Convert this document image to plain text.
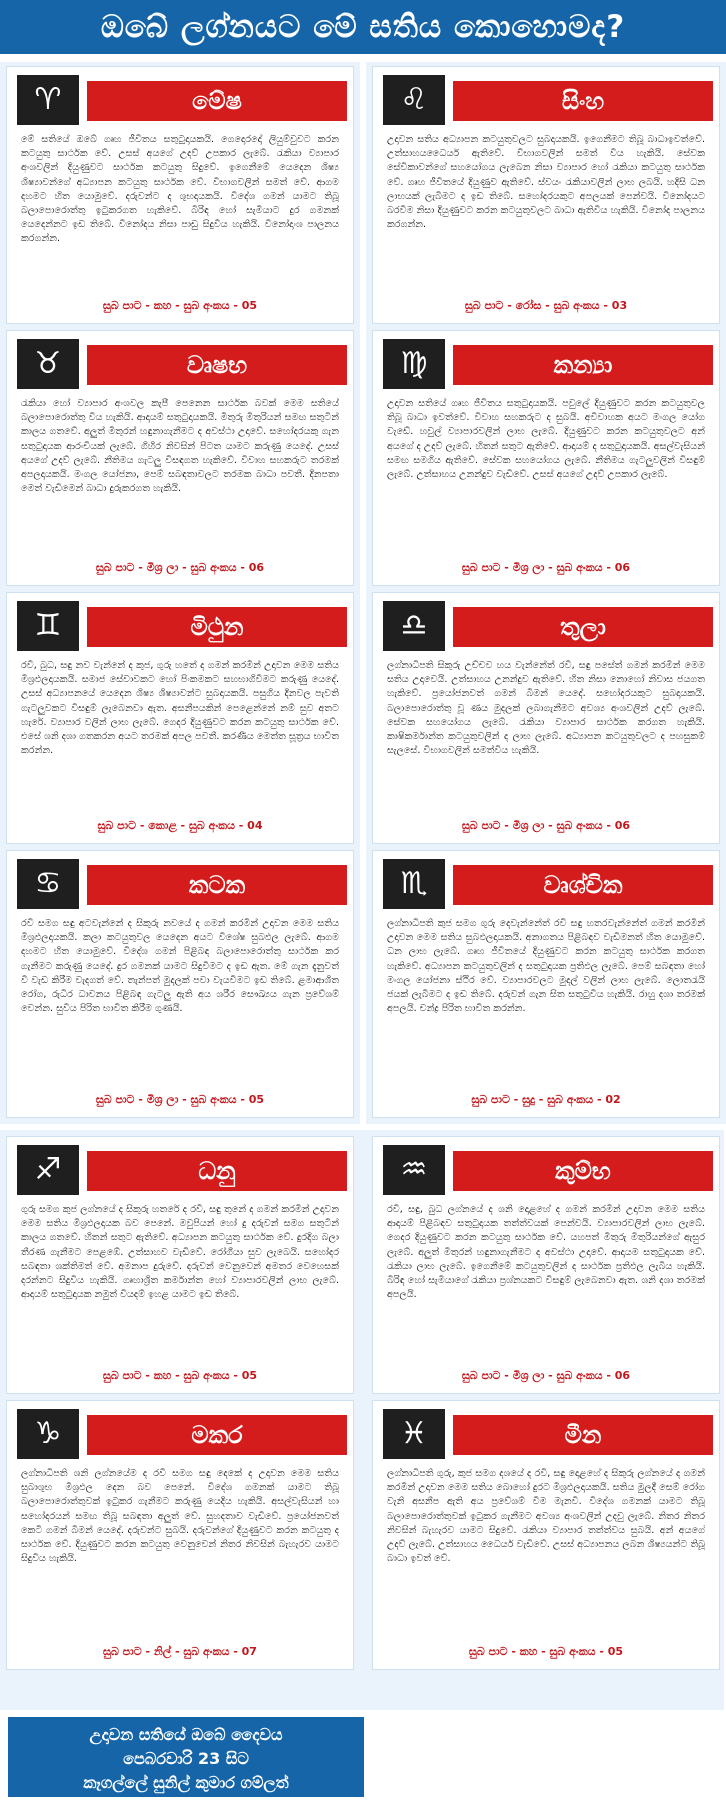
ඔබේ ලග්නයට මේ සතිය කොහොමද?
♈	මේෂ
මේ සතියේ ඔබේ ගෘහ ජීවිතය සතුටුදායකයි. ගෙදොරදෝ ලියුම්වුවට කරන කටයුතු සාර්ථක වේ. උසස් අයගේ උදව් උපකාර ලැබේ. රැකියා ව්‍යාපාර අංශවලින් දියුණුවට සාර්ථක කටයුතු සිදුවේ. ඉගෙනීමේ යෙදෙන ශිෂ්‍ය ශිෂ්‍යාවන්ගේ අධ්‍යාපන කටයුතු සාර්ථක වේ. විභාගවලින් සමත් වේ. ආගම දහමට හිත යොමුවේ. දරුවන්ට ද ශුභදායකයි. විදේශ ගමන් යාමට තිබූ බලාපොරොත්තු ඉටුකරගත හැකිවේ. බිරිඳ හෝ සැමියාට දුර ගමනක් යෙදෙන්නට ඉඩ තිබේ. විනෝදය නිසා පාඩු සිදුවිය හැකියි. විනෝදාංශ පාලනය කරගන්න.
සුබ පාට - කහ - සුබ අංකය - 05
♌	සිංහ
උදාවන සතිය අධ්‍යාපන කටයුතුවලට සුබදායකයි. ඉගෙනීමට තිබූ බාධාඉවත්වේ. උත්සාහයධෛර්ය ඇතිවේ. විභාගවලින් සමත් විය හැකියි. සේවක සේවිකාවන්ගේ සහයෝගය ලැබෙන නිසා ව්‍යාපාර හෝ රැකියා කටයුතු සාර්ථක වේ. ගෘහ ජීවිතයේ දියුණුව ඇතිවේ. ස්වයං රැකියාවලින් ලාභ ලබයි. හදිසි ධන ලාභයක් ලැබීමට ද ඉඩ තිබේ. සහෝදරයකුට අපලයක් පෙන්වයි. විනෝදයට බරවීම නිසා දියුණුවට කරන කටයුතුවලට බාධා ඇතිවිය හැකියි. විනෝද පාලනය කරගන්න.
සුබ පාට - රෝස - සුබ අංකය - 03
♉	වෘෂභ
රැකියා හෝ ව්‍යාපාර අංශවල කැපී පෙනෙන සාර්ථක බවක් මෙම සතියේ බලාපොරොත්තු විය හැකියි. ආදායම් සතුටුදායකයි. මිතුරු මිතුරියන් සමඟ සතුටින් කාලය ගතවේ. අලුත් මිතුරන් හඳුනාගැනීමට ද අවස්ථා උදාවේ. සහෝදරයකු ගැන සතුටුදායක ආරංචියක් ලැබේ. ගිහිර නිවසින් පිටත යාමට කරුණු යෙදේ. උසස් අයගේ උදව් ලැබේ. නීතිමය ගැටලු විසඳගත හැකිවේ. විවාහ සහකරුට තරමක් අපලදායකයි. මංගල යෝජනා, පෙම් සබඳතාවලට තරමක බාධා පවතී. දිනපතා මෙත් වැඩීමෙන් බාධා දුරුකරගත හැකියි.
සුබ පාට - මිශ්‍ර ලා - සුබ අංකය - 06
♍	කන්‍යා
උදාවන සතියේ ගෘහ ජීවිතය සතුටුදායකයි. පවුලේ දියුණුවට කරන කටයුතුවල තිබූ බාධා ඉවත්වේ. විවාහ සහකරුට ද සුබයි. අවිවාහක අයට මංගල යෝග වැඩේ. හවුල් ව්‍යාපාරවලින් ලාභ ලැබේ. දියුණුවට කරන කටයුතුවලට අන් අයගේ ද උදව් ලැබේ. හිතන් සතුට ඇතිවේ. ආදායම් ද සතුටුදායකයි. අසල්වැසියන් සමඟ සමගිය ඇතිවේ. සේවක සහයෝගය ලැබේ. නීතිමය ගැටලුවලින් විසඳුම් ලැබේ. උත්සාහය උනන්දුව වැඩිවේ. උසස් අයගේ උදව් උපකාර ලැබේ.
සුබ පාට - මිශ්‍ර ලා - සුබ අංකය - 06
♊	මිථුන
රවි, බුධ, සඳු නව වැන්නේ ද කුජ, ගුරු හතේ ද ගමන් කරමින් උදාවන මෙම සතිය මිශ්‍රඵලදායකයි. සමාජ සේවාවකට හෝ පිංකමකට සහභාගිවීමට කරුණු යෙදේ. උසස් අධ්‍යාපනයේ යෙදෙන ශිෂ්‍ය ශිෂ්‍යාවන්ට සුබදායකයි. පසුගිය දිනවල පැවති ගැටලුවකට විසඳුම් ලැබෙනවා ඇත. අසනීපයකින් පෙළෙන්නේ නම් සුව අතට හැරේ. ව්‍යාපාර වලින් ලාභ ලැබේ. ගෙදර දියුණුවට කරන කටයුතු සාර්ථක වේ. එසේ ශනි දශා ගතකරන අයට තරමක් අපල පවතී. කරණීය මෙත්ත සූත්‍රය භාවිත කරන්න.
සුබ පාට - කොළ - සුබ අංකය - 04
♎	තුලා
ලග්නාධිපති සිකුරු උච්චව හය වැන්නේත් රවි, සඳු පසේත් ගමන් කරමින් මෙම සතිය උදාවෙයි. උත්සාහය උනන්දුව ඇතිවේ. හිත නිසා නොහෝ නිවාස ජයගත හැකිවේ. ප්‍රයෝජනවත් ගමන් බිමන් යෙදේ. සහෝදරයකුට සුබදායකයි. බලාපොරොත්තු වූ ණය මුදලක් ලබාගැනීමට අවශ්‍ය අංශවලින් උදව් ලැබේ. සේවක සහයෝගය ලැබේ. රැකියා ව්‍යාපාර සාර්ථක කරගත හැකියි. කාෂිකර්මාන්ත කටයුතුවලින් ද ලාභ ලැබේ. අධ්‍යාපන කටයුතුවලට ද පහසුකම් සැලසේ. විභාගවලින් සමත්විය හැකියි.
සුබ පාට - මිශ්‍ර ලා - සුබ අංකය - 06
♋	කටක
රවි සමග සඳු අටවැන්නේ ද සිකුරු නවයේ ද ගමන් කරමින් උදාවන මෙම සතිය මිශ්‍රඵලදායකයි. කලා කටයුතුවල යෙදෙන අයට විශේෂ සුබඵල ලැබේ. ආගම දහමට හිත යොමුවේ. විදේශ ගමන් පිළිබඳ බලාපොරොත්තු සාර්ථක කර ගැනීමට කරුණු යෙදේ. දුර ගමනක් යාමට සිදුවීමට ද ඉඩ ඇත. මේ ගැන දැනුවත් වී වැඩ කිරීම වැදගත් වේ. තැන්පත් මුදලක් පවා වැයවීමට ඉඩ තිබේ. ළමාආශිත රෝග, රුධිර ධාවනය පිළිබඳ ගැටලු ඇති අය ශරීර සෞඛ්‍යය ගැන ප්‍රවේශම් වෙන්න. සුවිය පිරිත භාවිත කිරීම ගුණයි.
සුබ පාට - මිශ්‍ර ලා - සුබ අංකය - 05
♏	වෘශ්චික
ලග්නාධිපති කුජ සමග ගුරු දෙවැන්නේත් රවි සඳු හතරවැන්නේත් ගමන් කරමින් උදාවන මෙම සතිය සුබඵලදායකයි. අනාගතය පිළිබඳව වැඩිමනත් හිත යොමුවේ. ධන ලාභ ලැබේ. ගෘහ ජීවිතයේ දියුණුවට කරන කටයුතු සාර්ථක කරගත හැකිවේ. අධ්‍යාපන කටයුතුවලින් ද සතුටුදායක ප්‍රතිඵල ලැබේ. පෙම් සබඳතා හෝ මංගල යෝජනා ස්ථිර වේ. ව්‍යාපාරවලට මුදල් වලින් ලාභ ලැබේ. ලොතරැයි ජයක් ලැබීමට ද ඉඩ තිබේ. දරුවන් ගැන සිත සතුටුවිය හැකියි. රාහු දශා තරමක් අපලයි. චන්ද්‍ර පිරිත භාවිත කරන්න.
සුබ පාට - සුදු - සුබ අංකය - 02
♐	ධනු
ගුරු සමග කුජ ලග්නයේ ද සිකුරු හතරේ ද රවි, සඳු තුනේ ද ගමන් කරමින් උදාවන මෙම සතිය මිශ්‍රඵලදායක බව පෙනේ. මවුපියන් හෝ දු දරුවන් සමග සතුටින් කාලය ගතවේ. හිතන් සතුට ඇතිවේ. අධ්‍යාපන කටයුතු සාර්ථක වේ. දුරදිග බලා තීරණ ගැනීමට පෙළඹේ. උත්සාහව වැඩිවේ. රෝගීයා සුව ලැබෙයි. සහෝදර සබඳතා ශක්තිමත් වේ. අමනාප දුරුවේ. දරුවන් වෙනුවෙන් අමතර වෙහෙසක් දරන්නට සිදුවිය හැකියි. ගෘහාශ්‍රිත කර්මාන්ත හෝ ව්‍යාපාරවලින් ලාභ ලැබේ. ආදායම් සතුටුදායක නමුත් වියදම් ඉහළ යාමට ඉඩ තිබේ.
සුබ පාට - කහ - සුබ අංකය - 05
♒	කුම්භ
රවි, සඳු, බුධ ලග්නයේ ද ශනි දොළහේ ද ගමන් කරමින් උදාවන මෙම සතිය ආදායම් පිළිබඳව සතුටුදායක තත්ත්වයක් පෙන්වයි. ව්‍යාපාරවලින් ලාභ ලැබේ. ගෙදර දියුණුවට කරන කටයුතු සාර්ථක වේ. යහපත් මිතුරු මිතුරියන්ගේ ඇසුර ලැබේ. අලුත් මිතුරන් හඳුනාගැනීමට ද අවස්ථා උදාවේ. ආදායම සතුටුදායක වේ. රැකියා ලාභ ලැබේ. ඉගෙනීමේ කටයුතුවලින් ද සාර්ථක ප්‍රතිඵල ලැබිය හැකියි. බිරිඳ හෝ සැමියාගේ රැකියා ප්‍රශ්නයකට විසඳුම් ලැබෙනවා ඇත. ශනි දශා තරමක් අපලයි.
සුබ පාට - මිශ්‍ර ලා - සුබ අංකය - 06
♑	මකර
ලග්නාධිපති ශනි ලග්නයේම ද රවි සමග සඳු දෙකේ ද උදාවන මෙම සතිය සුබාශුභ මිශ්‍රඵල දෙන බව පෙනේ. විදේශ ගමනක් යාමට තිබූ බලාපොරොත්තුවක් ඉටුකර ගැනීමට කරුණු යෙදිය හැකියි. අසල්වැසියන් හා සහෝදරයන් සමඟ තිබූ සබඳතා අලුත් වේ. සුහදතාව වැඩිවේ. ප්‍රයෝජනවත් කෙටි ගමන් බිමන් යෙදේ. දරුවන්ට සුබයි. දරුවන්ගේ දියුණුවට කරන කටයුතු ද සාර්ථක වේ. දියුණුවට කරන කටයුතු වෙනුවෙන් නිතර නිවසින් බැහැරව යාමට සිදුවිය හැකියි.
සුබ පාට - නිල් - සුබ අංකය - 07
♓	මීන
ලග්නාධිපති ගුරු, කුජ සමග දශයේ ද රවි, සඳු දොළහේ ද සිකුරු ලග්නයේ ද ගමන් කරමින් උදාවන මෙම සතිය බොහෝ දුරට මිශ්‍රඵලදායකයි. සතිය මුලදී සෙම් රෝග වැනි අසනීප ඇති අය ප්‍රවේශම් වීම මැනවි. විදේශ ගමනක් යාමට තිබූ බලාපොරොත්තුවක් ඉටුකර ගැනීමට අවශ්‍ය අංශවලින් උදවු ලැබේ. නිතර නිතර නිවසින් බැහැරව යාමට සිදුවේ. රැකියා ව්‍යාපාර තත්ත්වය සුබයි. අන් අයගේ උදව් ලැබේ. උත්සාහය ධෛර්ය වැඩිවේ. උසස් අධ්‍යාපනය ලබන ශිෂ්‍යයන්ට තිබූ බාධා ඉවත් වේ.
සුබ පාට - කහ - සුබ අංකය - 05
උදාවන සතියේ ඔබේ දෛවය
පෙබරවාරි 23 සිට
කෑගල්ලේ සුනිල් කුමාර ගම්ලත්
